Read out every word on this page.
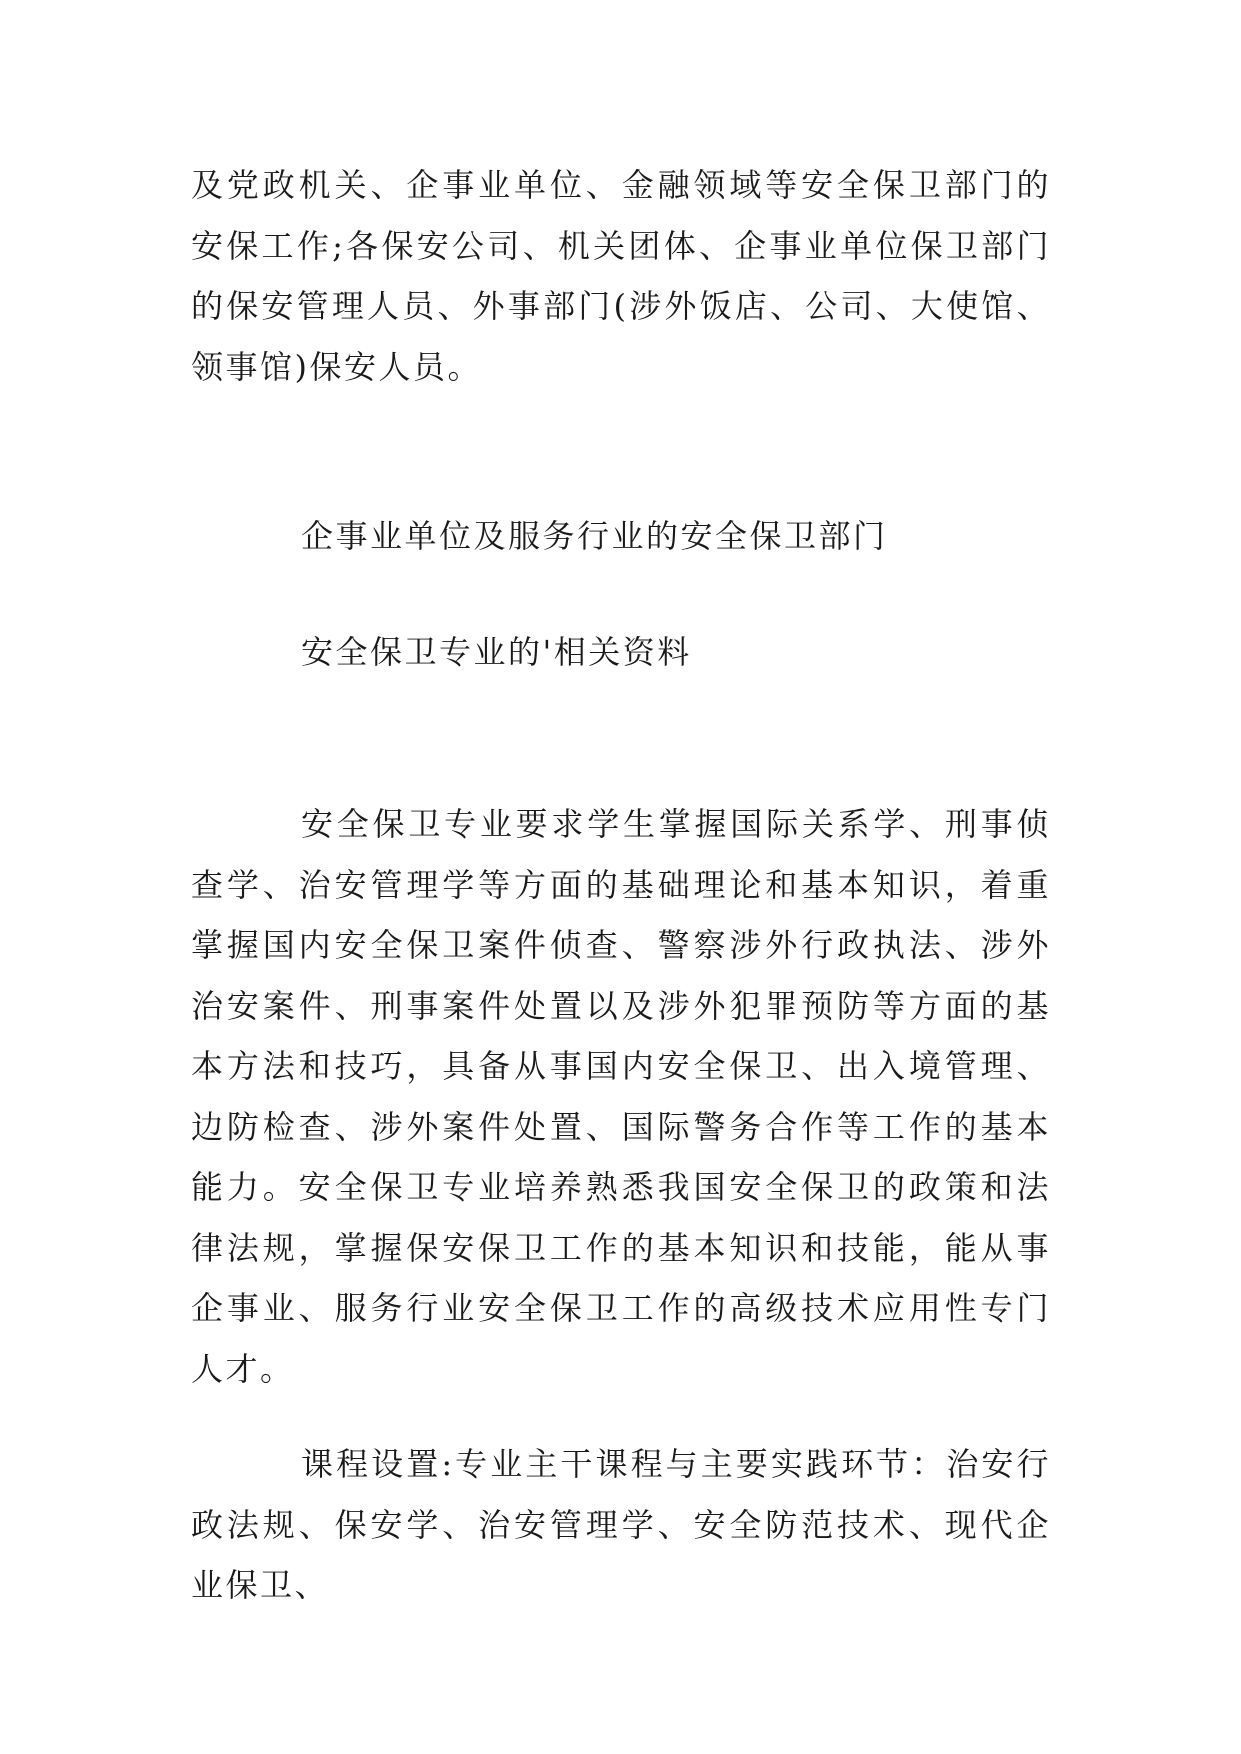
及党政机关、企事业单位、金融领域等安全保卫部门的安保工作;各保安公司、机关团体、企事业单位保卫部门的保安管理人员、外事部门(涉外饭店、公司、大使馆、领事馆)保安人员。

企事业单位及服务行业的安全保卫部门

安全保卫专业的'相关资料

安全保卫专业要求学生掌握国际关系学、刑事侦查学、治安管理学等方面的基础理论和基本知识，着重掌握国内安全保卫案件侦查、警察涉外行政执法、涉外治安案件、刑事案件处置以及涉外犯罪预防等方面的基本方法和技巧，具备从事国内安全保卫、出入境管理、边防检查、涉外案件处置、国际警务合作等工作的基本能力。安全保卫专业培养熟悉我国安全保卫的政策和法律法规，掌握保安保卫工作的基本知识和技能，能从事企事业、服务行业安全保卫工作的高级技术应用性专门人才。

课程设置:专业主干课程与主要实践环节：治安行政法规、保安学、治安管理学、安全防范技术、现代企业保卫、
